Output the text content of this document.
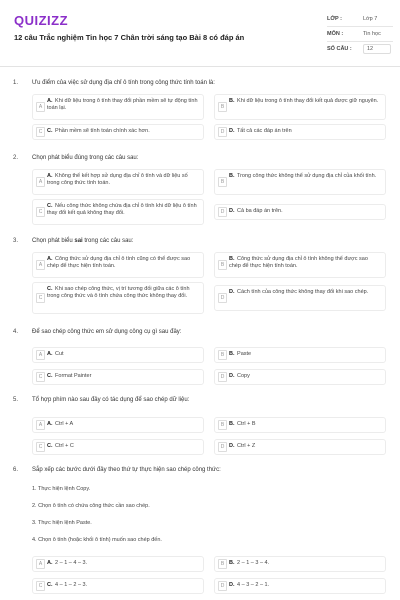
QUIZIZZ
12 câu Trắc nghiệm Tin học 7 Chân trời sáng tạo Bài 8 có đáp án
LỚP :	Lớp 7
MÔN :	Tin học
SỐ CÂU :	12
1. Ưu điểm của việc sử dụng địa chỉ ô tính trong công thức tính toán là:
A
A. Khi dữ liệu trong ô tính thay đổi phần mềm sẽ tự động tính toán lại.	B
B. Khi dữ liệu trong ô tính thay đổi kết quả được giữ nguyên.
C C. Phần mềm sẽ tính toán chính xác hơn.	D D. Tất cả các đáp án trên
2. Chọn phát biểu đúng trong các câu sau:
A
A. Không thể kết hợp sử dụng địa chỉ ô tính và dữ liệu số trong công thức tính toán.	B
B. Trong công thức không thể sử dụng địa chỉ của khối tính.
C
C. Nếu công thức không chứa địa chỉ ô tính khi dữ liệu ô tính thay đổi kết quả không thay đổi.	D D. Cả ba đáp án trên.
3. Chọn phát biểu sai trong các câu sau:
A
A. Công thức sử dụng địa chỉ ô tính cũng có thể được sao chép để thực hiện tính toán.	B
B. Công thức sử dụng địa chỉ ô tính không thể được sao chép để thực hiện tính toán.
C
C. Khi sao chép công thức, vị trí tương đối giữa các ô tính trong công thức và ô tính chứa công thức không thay đổi.	D
D. Cách tính của công thức không thay đổi khi sao chép.
4. Để sao chép công thức em sử dụng công cụ gì sau đây:
A A. Cut	B B. Paste
C C. Format Painter	D D. Copy
5. Tổ hợp phím nào sau đây có tác dụng để sao chép dữ liệu:
A A. Ctrl + A	B B. Ctrl + B
C C. Ctrl + C	D D. Ctrl + Z
6. Sắp xếp các bước dưới đây theo thứ tự thực hiện sao chép công thức:
1. Thực hiện lệnh Copy.
2. Chọn ô tính có chứa công thức cần sao chép.
3. Thực hiện lệnh Paste.
4. Chọn ô tính (hoặc khối ô tính) muốn sao chép đến.
A A. 2 – 1 – 4 – 3.	B B. 2 – 1 – 3 – 4.
C C. 4 – 1 – 2 – 3.	D D. 4 – 3 – 2 – 1.
